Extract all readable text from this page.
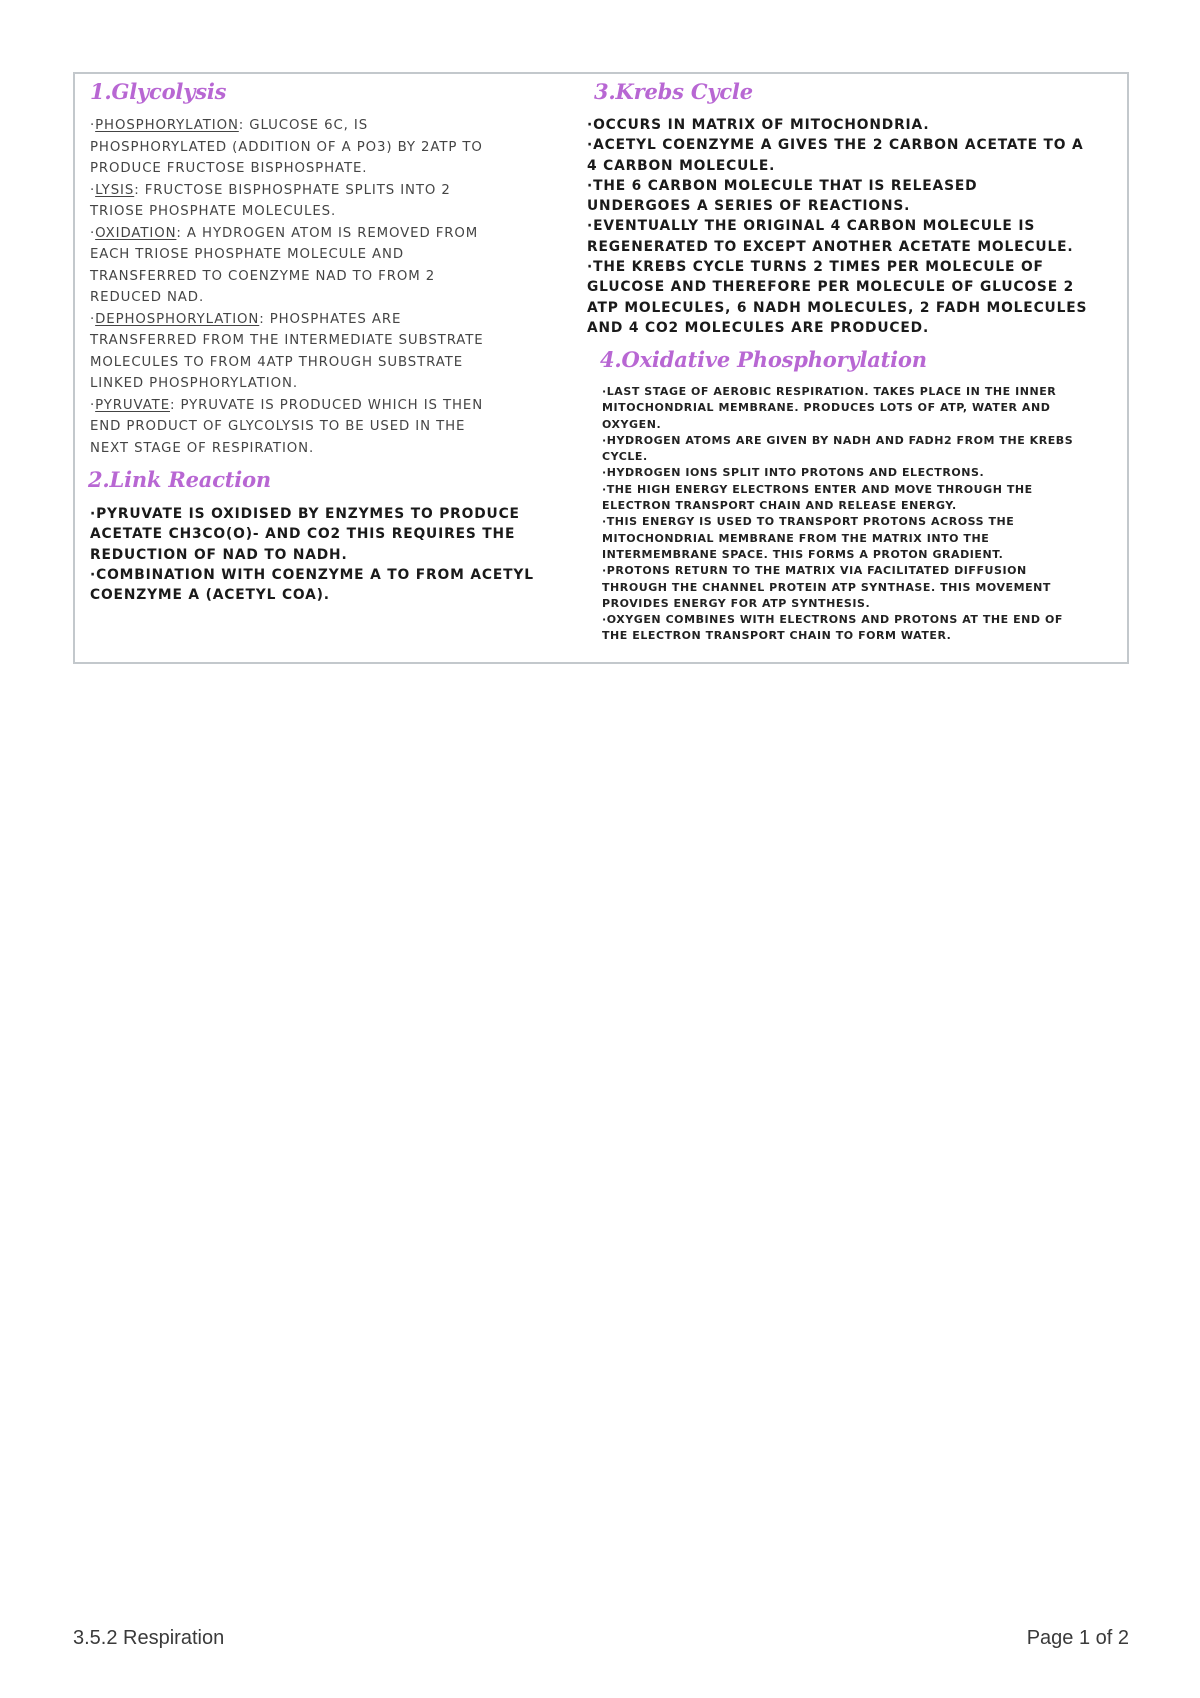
1.Glycolysis

·PHOSPHORYLATION: GLUCOSE 6C, IS

PHOSPHORYLATED (ADDITION OF A PO3) BY 2ATP TO

PRODUCE FRUCTOSE BISPHOSPHATE.

·LYSIS: FRUCTOSE BISPHOSPHATE SPLITS INTO 2

TRIOSE PHOSPHATE MOLECULES.

·OXIDATION: A HYDROGEN ATOM IS REMOVED FROM

EACH TRIOSE PHOSPHATE MOLECULE AND

TRANSFERRED TO COENZYME NAD TO FROM 2

REDUCED NAD.

·DEPHOSPHORYLATION: PHOSPHATES ARE

TRANSFERRED FROM THE INTERMEDIATE SUBSTRATE

MOLECULES TO FROM 4ATP THROUGH SUBSTRATE

LINKED PHOSPHORYLATION.

·PYRUVATE: PYRUVATE IS PRODUCED WHICH IS THEN

END PRODUCT OF GLYCOLYSIS TO BE USED IN THE

NEXT STAGE OF RESPIRATION.

2.Link Reaction

·PYRUVATE IS OXIDISED BY ENZYMES TO PRODUCE

ACETATE CH3CO(O)- AND CO2 THIS REQUIRES THE

REDUCTION OF NAD TO NADH.

·COMBINATION WITH COENZYME A TO FROM ACETYL

COENZYME A (ACETYL COA).

3.Krebs Cycle

·OCCURS IN MATRIX OF MITOCHONDRIA.

·ACETYL COENZYME A GIVES THE 2 CARBON ACETATE TO A

4 CARBON MOLECULE.

·THE 6 CARBON MOLECULE THAT IS RELEASED

UNDERGOES A SERIES OF REACTIONS.

·EVENTUALLY THE ORIGINAL 4 CARBON MOLECULE IS

REGENERATED TO EXCEPT ANOTHER ACETATE MOLECULE.

·THE KREBS CYCLE TURNS 2 TIMES PER MOLECULE OF

GLUCOSE AND THEREFORE PER MOLECULE OF GLUCOSE 2

ATP MOLECULES, 6 NADH MOLECULES, 2 FADH MOLECULES

AND 4 CO2 MOLECULES ARE PRODUCED.

4.Oxidative Phosphorylation

·LAST STAGE OF AEROBIC RESPIRATION. TAKES PLACE IN THE INNER

MITOCHONDRIAL MEMBRANE. PRODUCES LOTS OF ATP, WATER AND

OXYGEN.

·HYDROGEN ATOMS ARE GIVEN BY NADH AND FADH2 FROM THE KREBS

CYCLE.

·HYDROGEN IONS SPLIT INTO PROTONS AND ELECTRONS.

·THE HIGH ENERGY ELECTRONS ENTER AND MOVE THROUGH THE

ELECTRON TRANSPORT CHAIN AND RELEASE ENERGY.

·THIS ENERGY IS USED TO TRANSPORT PROTONS ACROSS THE

MITOCHONDRIAL MEMBRANE FROM THE MATRIX INTO THE

INTERMEMBRANE SPACE. THIS FORMS A PROTON GRADIENT.

·PROTONS RETURN TO THE MATRIX VIA FACILITATED DIFFUSION

THROUGH THE CHANNEL PROTEIN ATP SYNTHASE. THIS MOVEMENT

PROVIDES ENERGY FOR ATP SYNTHESIS.

·OXYGEN COMBINES WITH ELECTRONS AND PROTONS AT THE END OF

THE ELECTRON TRANSPORT CHAIN TO FORM WATER.

3.5.2 Respiration	Page 1 of 2
